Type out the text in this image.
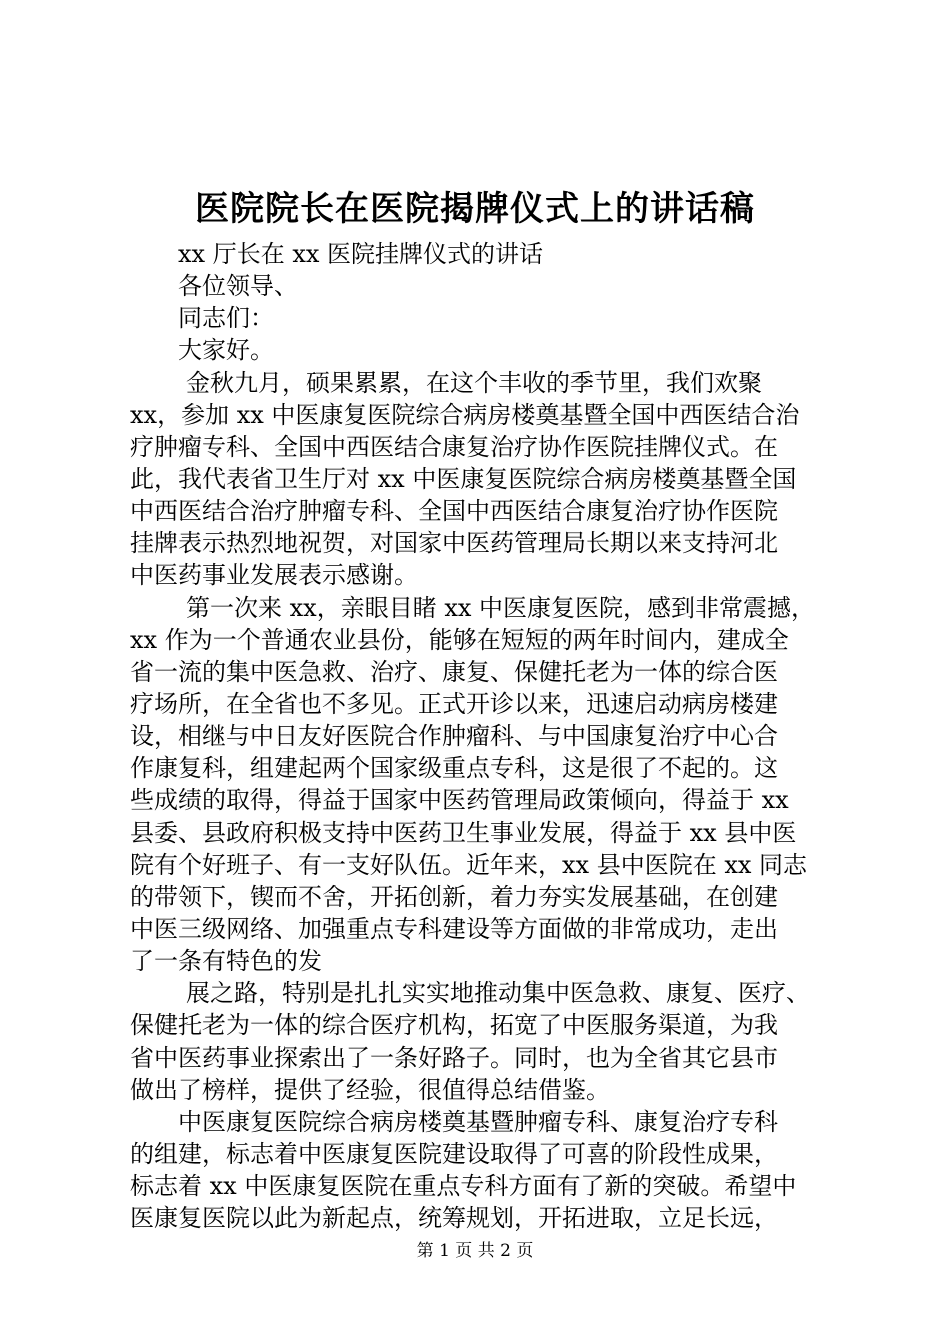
医院院长在医院揭牌仪式上的讲话稿
xx 厅长在 xx 医院挂牌仪式的讲话
各位领导、
同志们：
大家好。
金秋九月，硕果累累，在这个丰收的季节里，我们欢聚
xx，参加 xx 中医康复医院综合病房楼奠基暨全国中西医结合治
疗肿瘤专科、全国中西医结合康复治疗协作医院挂牌仪式。在
此，我代表省卫生厅对 xx 中医康复医院综合病房楼奠基暨全国
中西医结合治疗肿瘤专科、全国中西医结合康复治疗协作医院
挂牌表示热烈地祝贺，对国家中医药管理局长期以来支持河北
中医药事业发展表示感谢。
第一次来 xx，亲眼目睹 xx 中医康复医院，感到非常震撼，
xx 作为一个普通农业县份，能够在短短的两年时间内，建成全
省一流的集中医急救、治疗、康复、保健托老为一体的综合医
疗场所，在全省也不多见。正式开诊以来，迅速启动病房楼建
设，相继与中日友好医院合作肿瘤科、与中国康复治疗中心合
作康复科，组建起两个国家级重点专科，这是很了不起的。这
些成绩的取得，得益于国家中医药管理局政策倾向，得益于 xx
县委、县政府积极支持中医药卫生事业发展，得益于 xx 县中医
院有个好班子、有一支好队伍。近年来，xx 县中医院在 xx 同志
的带领下，锲而不舍，开拓创新，着力夯实发展基础，在创建
中医三级网络、加强重点专科建设等方面做的非常成功，走出
了一条有特色的发
展之路，特别是扎扎实实地推动集中医急救、康复、医疗、
保健托老为一体的综合医疗机构，拓宽了中医服务渠道，为我
省中医药事业探索出了一条好路子。同时，也为全省其它县市
做出了榜样，提供了经验，很值得总结借鉴。
中医康复医院综合病房楼奠基暨肿瘤专科、康复治疗专科
的组建，标志着中医康复医院建设取得了可喜的阶段性成果，
标志着 xx 中医康复医院在重点专科方面有了新的突破。希望中
医康复医院以此为新起点，统筹规划，开拓进取，立足长远，
第 1 页 共 2 页
